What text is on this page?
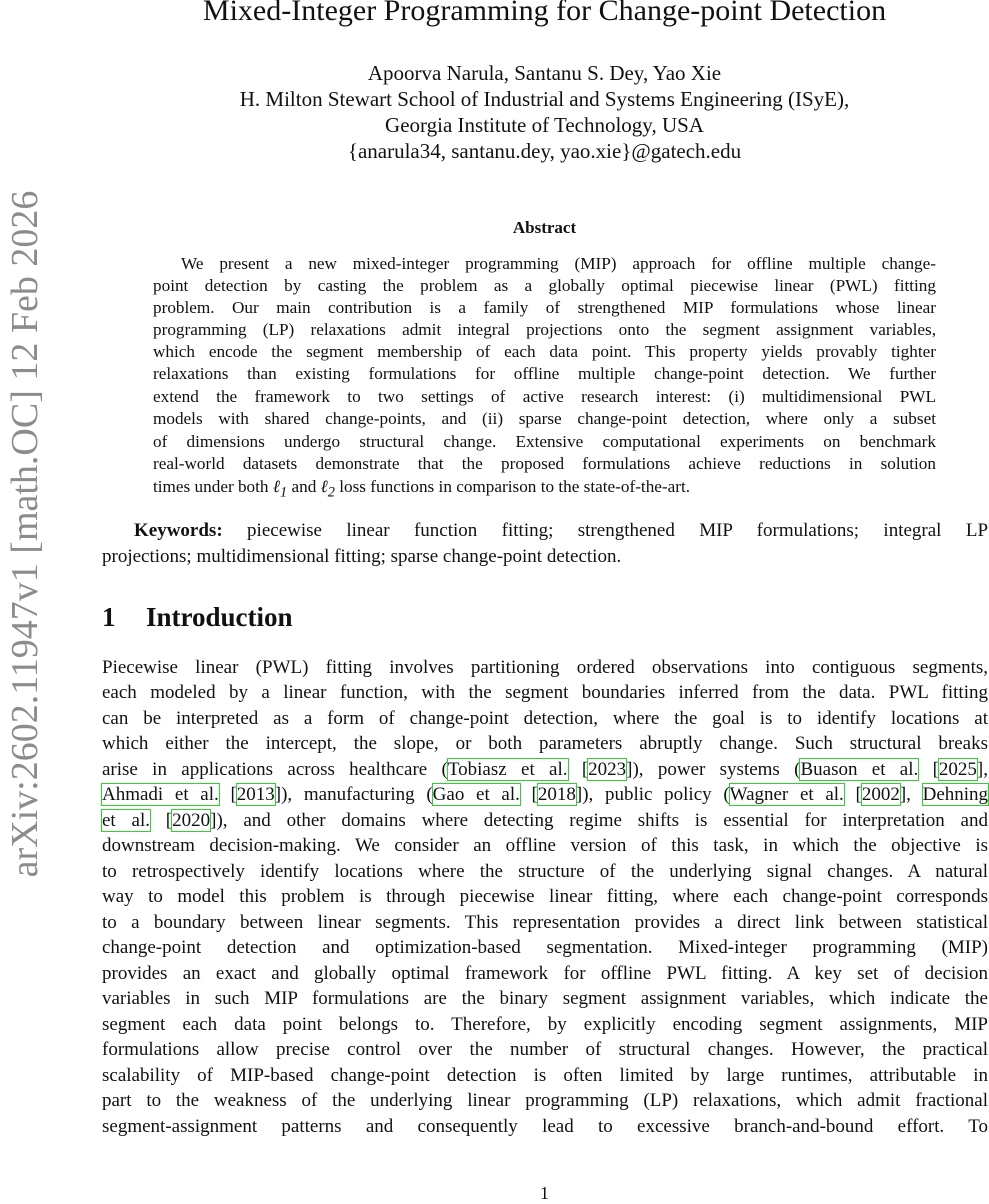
arXiv:2602.11947v1 [math.OC] 12 Feb 2026
Mixed-Integer Programming for Change-point Detection
Apoorva Narula, Santanu S. Dey, Yao Xie
H. Milton Stewart School of Industrial and Systems Engineering (ISyE),
Georgia Institute of Technology, USA
{anarula34, santanu.dey, yao.xie}@gatech.edu
Abstract
We present a new mixed-integer programming (MIP) approach for offline multiple change-
point detection by casting the problem as a globally optimal piecewise linear (PWL) fitting
problem. Our main contribution is a family of strengthened MIP formulations whose linear
programming (LP) relaxations admit integral projections onto the segment assignment variables,
which encode the segment membership of each data point. This property yields provably tighter
relaxations than existing formulations for offline multiple change-point detection. We further
extend the framework to two settings of active research interest: (i) multidimensional PWL
models with shared change-points, and (ii) sparse change-point detection, where only a subset
of dimensions undergo structural change. Extensive computational experiments on benchmark
real-world datasets demonstrate that the proposed formulations achieve reductions in solution
times under both ℓ$_1$ and ℓ$_2$ loss functions in comparison to the state-of-the-art.
Keywords: piecewise linear function fitting; strengthened MIP formulations; integral LP
projections; multidimensional fitting; sparse change-point detection.
1 Introduction
Piecewise linear (PWL) fitting involves partitioning ordered observations into contiguous segments,
each modeled by a linear function, with the segment boundaries inferred from the data. PWL fitting
can be interpreted as a form of change-point detection, where the goal is to identify locations at
which either the intercept, the slope, or both parameters abruptly change. Such structural breaks
arise in applications across healthcare (Tobiasz et al. [2023]), power systems (Buason et al. [2025],
Ahmadi et al. [2013]), manufacturing (Gao et al. [2018]), public policy (Wagner et al. [2002], Dehning
et al. [2020]), and other domains where detecting regime shifts is essential for interpretation and
downstream decision-making. We consider an offline version of this task, in which the objective is
to retrospectively identify locations where the structure of the underlying signal changes. A natural
way to model this problem is through piecewise linear fitting, where each change-point corresponds
to a boundary between linear segments. This representation provides a direct link between statistical
change-point detection and optimization-based segmentation. Mixed-integer programming (MIP)
provides an exact and globally optimal framework for offline PWL fitting. A key set of decision
variables in such MIP formulations are the binary segment assignment variables, which indicate the
segment each data point belongs to. Therefore, by explicitly encoding segment assignments, MIP
formulations allow precise control over the number of structural changes. However, the practical
scalability of MIP-based change-point detection is often limited by large runtimes, attributable in
part to the weakness of the underlying linear programming (LP) relaxations, which admit fractional
segment-assignment patterns and consequently lead to excessive branch-and-bound effort. To
1
